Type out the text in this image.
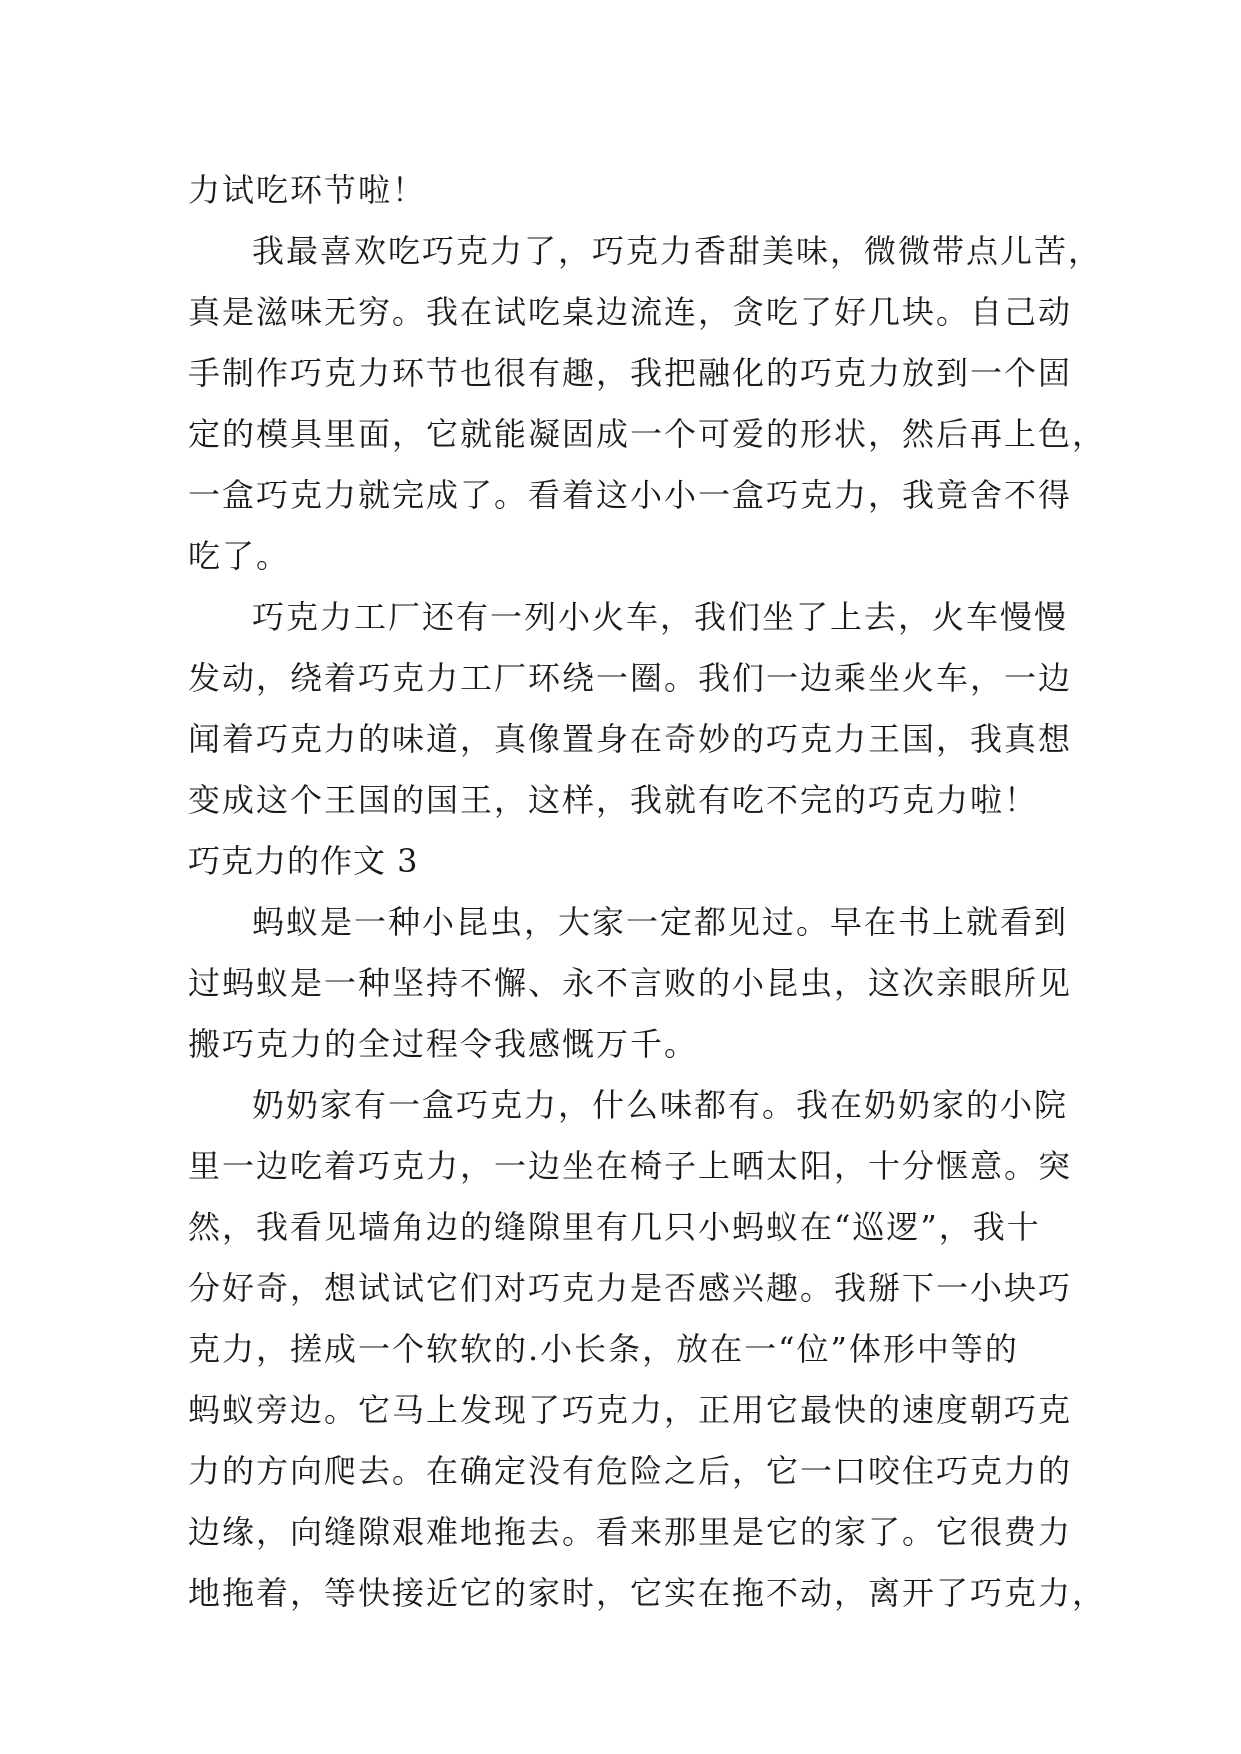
力试吃环节啦！
我最喜欢吃巧克力了，巧克力香甜美味，微微带点儿苦，
真是滋味无穷。我在试吃桌边流连，贪吃了好几块。自己动
手制作巧克力环节也很有趣，我把融化的巧克力放到一个固
定的模具里面，它就能凝固成一个可爱的形状，然后再上色，
一盒巧克力就完成了。看着这小小一盒巧克力，我竟舍不得
吃了。
巧克力工厂还有一列小火车，我们坐了上去，火车慢慢
发动，绕着巧克力工厂环绕一圈。我们一边乘坐火车，一边
闻着巧克力的味道，真像置身在奇妙的巧克力王国，我真想
变成这个王国的国王，这样，我就有吃不完的巧克力啦！
巧克力的作文 3
蚂蚁是一种小昆虫，大家一定都见过。早在书上就看到
过蚂蚁是一种坚持不懈、永不言败的小昆虫，这次亲眼所见
搬巧克力的全过程令我感慨万千。
奶奶家有一盒巧克力，什么味都有。我在奶奶家的小院
里一边吃着巧克力，一边坐在椅子上晒太阳，十分惬意。突
然，我看见墙角边的缝隙里有几只小蚂蚁在“巡逻”，我十
分好奇，想试试它们对巧克力是否感兴趣。我掰下一小块巧
克力，搓成一个软软的.小长条，放在一“位”体形中等的
蚂蚁旁边。它马上发现了巧克力，正用它最快的速度朝巧克
力的方向爬去。在确定没有危险之后，它一口咬住巧克力的
边缘，向缝隙艰难地拖去。看来那里是它的家了。它很费力
地拖着，等快接近它的家时，它实在拖不动，离开了巧克力，
